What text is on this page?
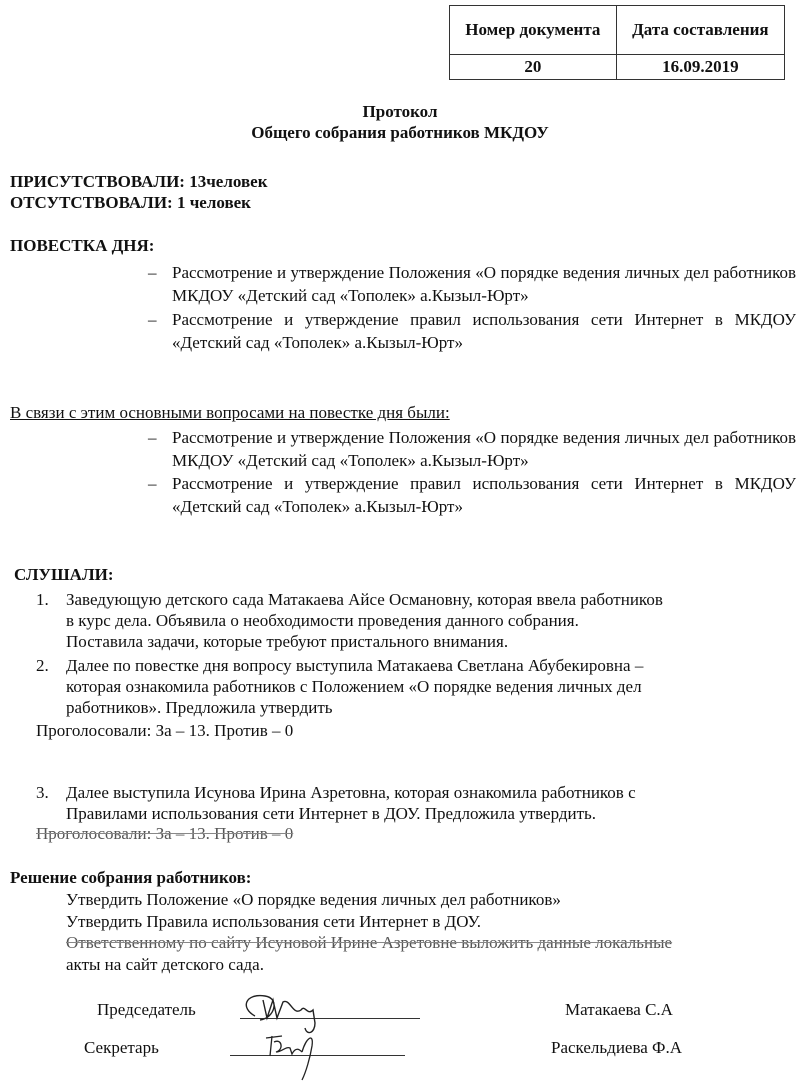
Номер документа	Дата составления
20	16.09.2019
Протокол
Общего собрания работников МКДОУ
ПРИСУТСТВОВАЛИ: 13человек
ОТСУТСТВОВАЛИ: 1 человек
ПОВЕСТКА ДНЯ:
– Рассмотрение и утверждение Положения «О порядке ведения личных дел работников МКДОУ «Детский сад «Тополек» а.Кызыл-Юрт»
– Рассмотрение и утверждение правил использования сети Интернет в МКДОУ «Детский сад «Тополек» а.Кызыл-Юрт»
В связи с этим основными вопросами на повестке дня были:
– Рассмотрение и утверждение Положения «О порядке ведения личных дел работников МКДОУ «Детский сад «Тополек» а.Кызыл-Юрт»
– Рассмотрение и утверждение правил использования сети Интернет в МКДОУ «Детский сад «Тополек» а.Кызыл-Юрт»
СЛУШАЛИ:
1. Заведующую детского сада Матакаева Айсе Османовну, которая ввела работников
в курс дела. Объявила о необходимости проведения данного собрания.
Поставила задачи, которые требуют пристального внимания.
2. Далее по повестке дня вопросу выступила Матакаева Светлана Абубекировна –
которая ознакомила работников с Положением «О порядке ведения личных дел
работников». Предложила утвердить
Проголосовали: За – 13. Против – 0
3. Далее выступила Исунова Ирина Азретовна, которая ознакомила работников с
Правилами использования сети Интернет в ДОУ. Предложила утвердить.
Проголосовали: За – 13. Против – 0
Решение собрания работников:
Утвердить Положение «О порядке ведения личных дел работников»
Утвердить Правила использования сети Интернет в ДОУ.
Ответственному по сайту Исуновой Ирине Азретовне выложить данные локальные
акты на сайт детского сада.
Председатель	Матакаева С.А
Секретарь	Раскельдиева Ф.А
